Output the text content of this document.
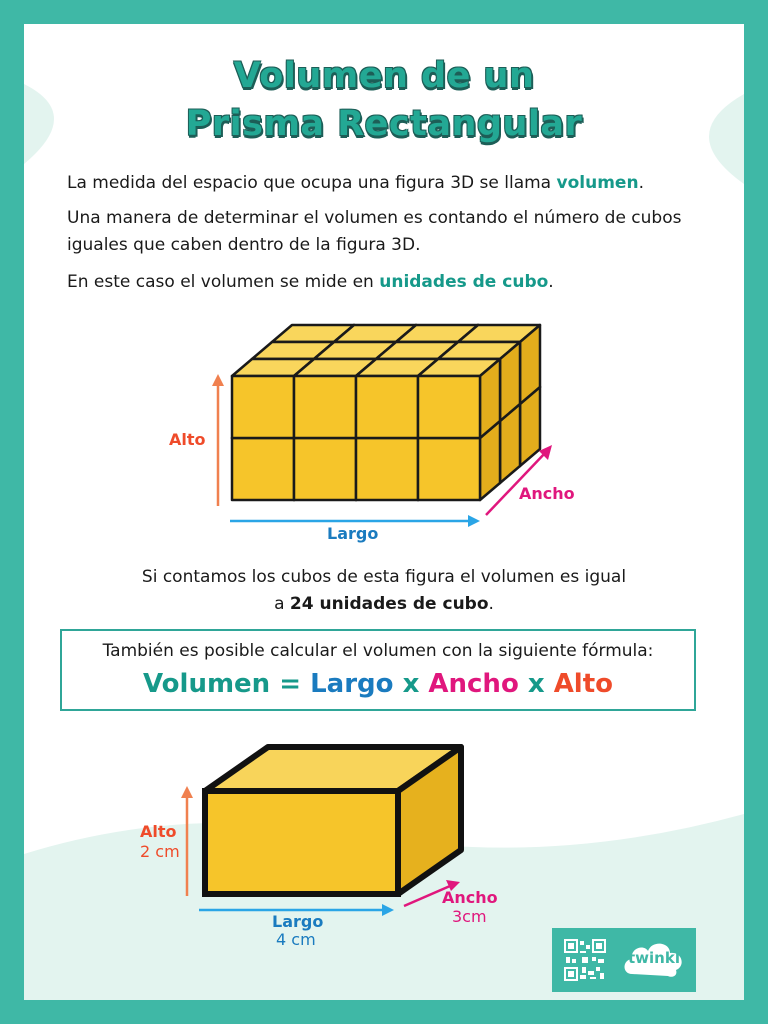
Volumen de un
Prisma Rectangular
La medida del espacio que ocupa una figura 3D se llama volumen.
Una manera de determinar el volumen es contando el número de cubos iguales que caben dentro de la figura 3D.
En este caso el volumen se mide en unidades de cubo.
Alto
Ancho
Largo
Si contamos los cubos de esta figura el volumen es igual
a 24 unidades de cubo.
También es posible calcular el volumen con la siguiente fórmula:
Volumen = Largo x Ancho x Alto
Alto
2 cm
Largo
4 cm
Ancho
3cm
twinkl
